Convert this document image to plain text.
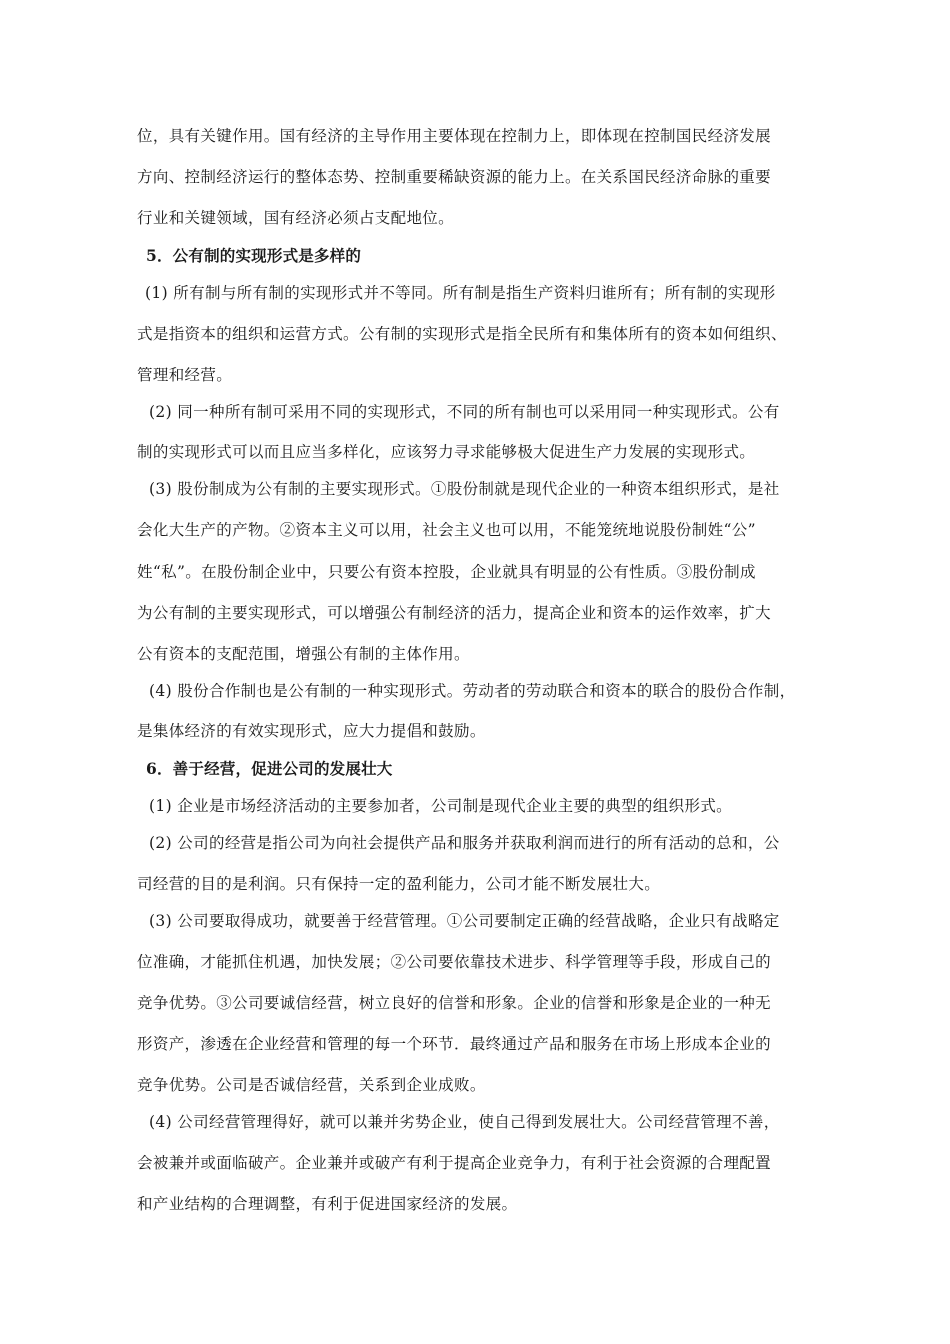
位，具有关键作用。国有经济的主导作用主要体现在控制力上，即体现在控制国民经济发展
方向、控制经济运行的整体态势、控制重要稀缺资源的能力上。在关系国民经济命脉的重要
行业和关键领域，国有经济必须占支配地位。
5．公有制的实现形式是多样的
(1) 所有制与所有制的实现形式并不等同。所有制是指生产资料归谁所有；所有制的实现形
式是指资本的组织和运营方式。公有制的实现形式是指全民所有和集体所有的资本如何组织、
管理和经营。
(2) 同一种所有制可采用不同的实现形式，不同的所有制也可以采用同一种实现形式。公有
制的实现形式可以而且应当多样化，应该努力寻求能够极大促进生产力发展的实现形式。
(3) 股份制成为公有制的主要实现形式。①股份制就是现代企业的一种资本组织形式，是社
会化大生产的产物。②资本主义可以用，社会主义也可以用，不能笼统地说股份制姓“公”
姓“私”。在股份制企业中，只要公有资本控股，企业就具有明显的公有性质。③股份制成
为公有制的主要实现形式，可以增强公有制经济的活力，提高企业和资本的运作效率，扩大
公有资本的支配范围，增强公有制的主体作用。
(4) 股份合作制也是公有制的一种实现形式。劳动者的劳动联合和资本的联合的股份合作制，
是集体经济的有效实现形式，应大力提倡和鼓励。
6．善于经营，促进公司的发展壮大
(1) 企业是市场经济活动的主要参加者，公司制是现代企业主要的典型的组织形式。
(2) 公司的经营是指公司为向社会提供产品和服务并获取利润而进行的所有活动的总和，公
司经营的目的是利润。只有保持一定的盈利能力，公司才能不断发展壮大。
(3) 公司要取得成功，就要善于经营管理。①公司要制定正确的经营战略，企业只有战略定
位准确，才能抓住机遇，加快发展；②公司要依靠技术进步、科学管理等手段，形成自己的
竞争优势。③公司要诚信经营，树立良好的信誉和形象。企业的信誉和形象是企业的一种无
形资产，渗透在企业经营和管理的每一个环节．最终通过产品和服务在市场上形成本企业的
竞争优势。公司是否诚信经营，关系到企业成败。
(4) 公司经营管理得好，就可以兼并劣势企业，使自己得到发展壮大。公司经营管理不善，
会被兼并或面临破产。企业兼并或破产有利于提高企业竞争力，有利于社会资源的合理配置
和产业结构的合理调整，有利于促进国家经济的发展。
